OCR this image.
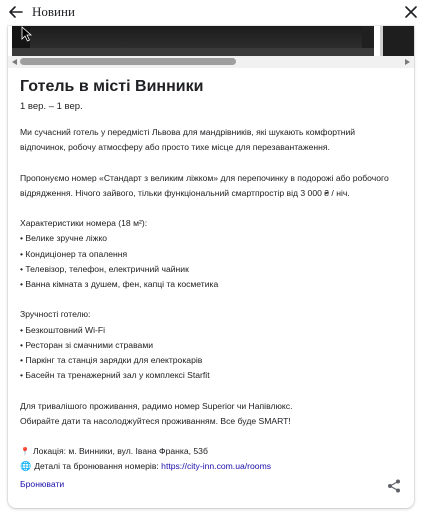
Новини
Готель в місті Винники
1 вер. – 1 вер.

Ми сучасний готель у передмісті Львова для мандрівників, які шукають комфортний

відпочинок, робочу атмосферу або просто тихе місце для перезавантаження.

Пропонуємо номер «Стандарт з великим ліжком» для перепочинку в подорожі або робочого

відрядження. Нічого зайвого, тільки функціональний смартпростір від 3 000 ₴ / ніч.

Характеристики номера (18 м²):

• Велике зручне ліжко

• Кондиціонер та опалення

• Телевізор, телефон, електричний чайник

• Ванна кімната з душем, фен, капці та косметика

Зручності готелю:

• Безкоштовний Wi-Fi

• Ресторан зі смачними стравами

• Паркінг та станція зарядки для електрокарів

• Басейн та тренажерний зал у комплексі Starfit

Для тривалішого проживання, радимо номер Superior чи Напівлюкс.

Обирайте дати та насолоджуйтеся проживанням. Все буде SMART!

📍 Локація: м. Винники, вул. Івана Франка, 53б

🌐 Деталі та бронювання номерів: https://city-inn.com.ua/rooms

Бронювати
